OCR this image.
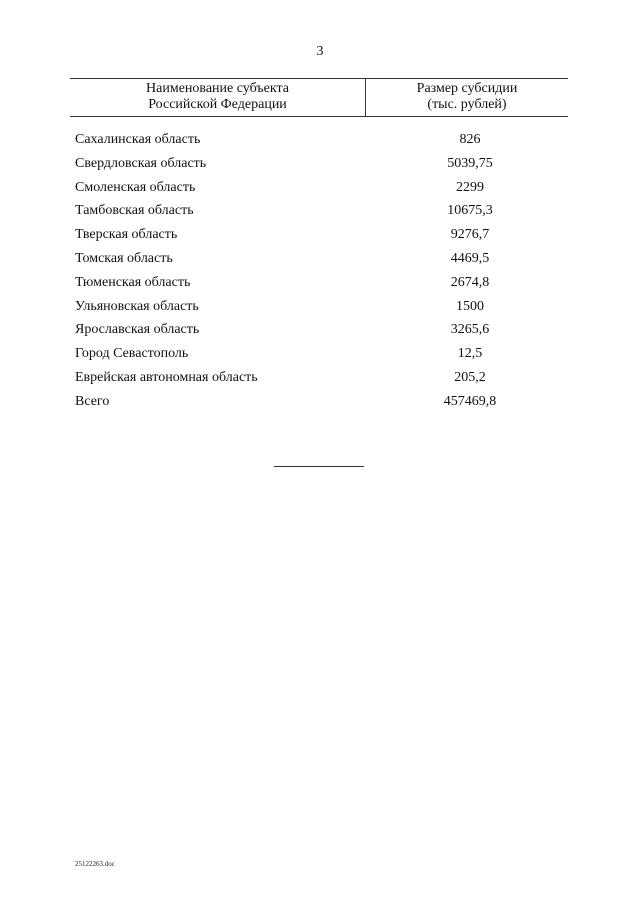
3
Наименование субъекта
Российской Федерации
Размер субсидии
(тыс. рублей)
Сахалинская область	826
Свердловская область	5039,75
Смоленская область	2299
Тамбовская область	10675,3
Тверская область	9276,7
Томская область	4469,5
Тюменская область	2674,8
Ульяновская область	1500
Ярославская область	3265,6
Город Севастополь	12,5
Еврейская автономная область	205,2
Всего	457469,8
25122263.doc
